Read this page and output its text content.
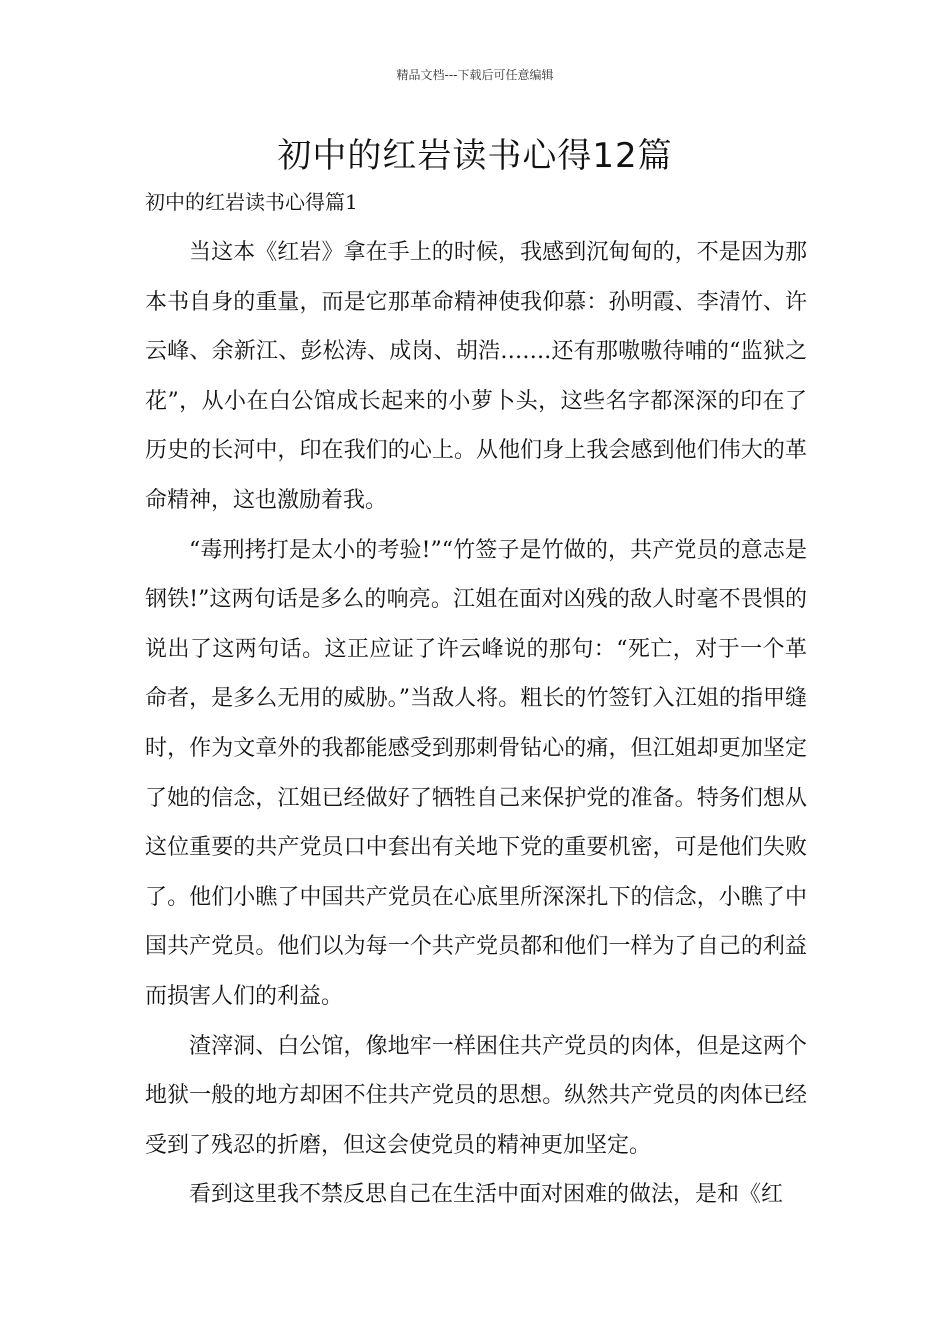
精品文档---下载后可任意编辑
初中的红岩读书心得12篇
初中的红岩读书心得篇1

当这本《红岩》拿在手上的时候，我感到沉甸甸的，不是因为那本书自身的重量，而是它那革命精神使我仰慕：孙明霞、李清竹、许云峰、余新江、彭松涛、成岗、胡浩…….还有那嗷嗷待哺的“监狱之花”，从小在白公馆成长起来的小萝卜头，这些名字都深深的印在了历史的长河中，印在我们的心上。从他们身上我会感到他们伟大的革命精神，这也激励着我。

“毒刑拷打是太小的考验!”“竹签子是竹做的，共产党员的意志是钢铁!”这两句话是多么的响亮。江姐在面对凶残的敌人时毫不畏惧的说出了这两句话。这正应证了许云峰说的那句：“死亡，对于一个革命者，是多么无用的威胁。”当敌人将。粗长的竹签钉入江姐的指甲缝时，作为文章外的我都能感受到那刺骨钻心的痛，但江姐却更加坚定了她的信念，江姐已经做好了牺牲自己来保护党的准备。特务们想从这位重要的共产党员口中套出有关地下党的重要机密，可是他们失败了。他们小瞧了中国共产党员在心底里所深深扎下的信念，小瞧了中国共产党员。他们以为每一个共产党员都和他们一样为了自己的利益而损害人们的利益。

渣滓洞、白公馆，像地牢一样困住共产党员的肉体，但是这两个地狱一般的地方却困不住共产党员的思想。纵然共产党员的肉体已经受到了残忍的折磨，但这会使党员的精神更加坚定。

看到这里我不禁反思自己在生活中面对困难的做法，是和《红
